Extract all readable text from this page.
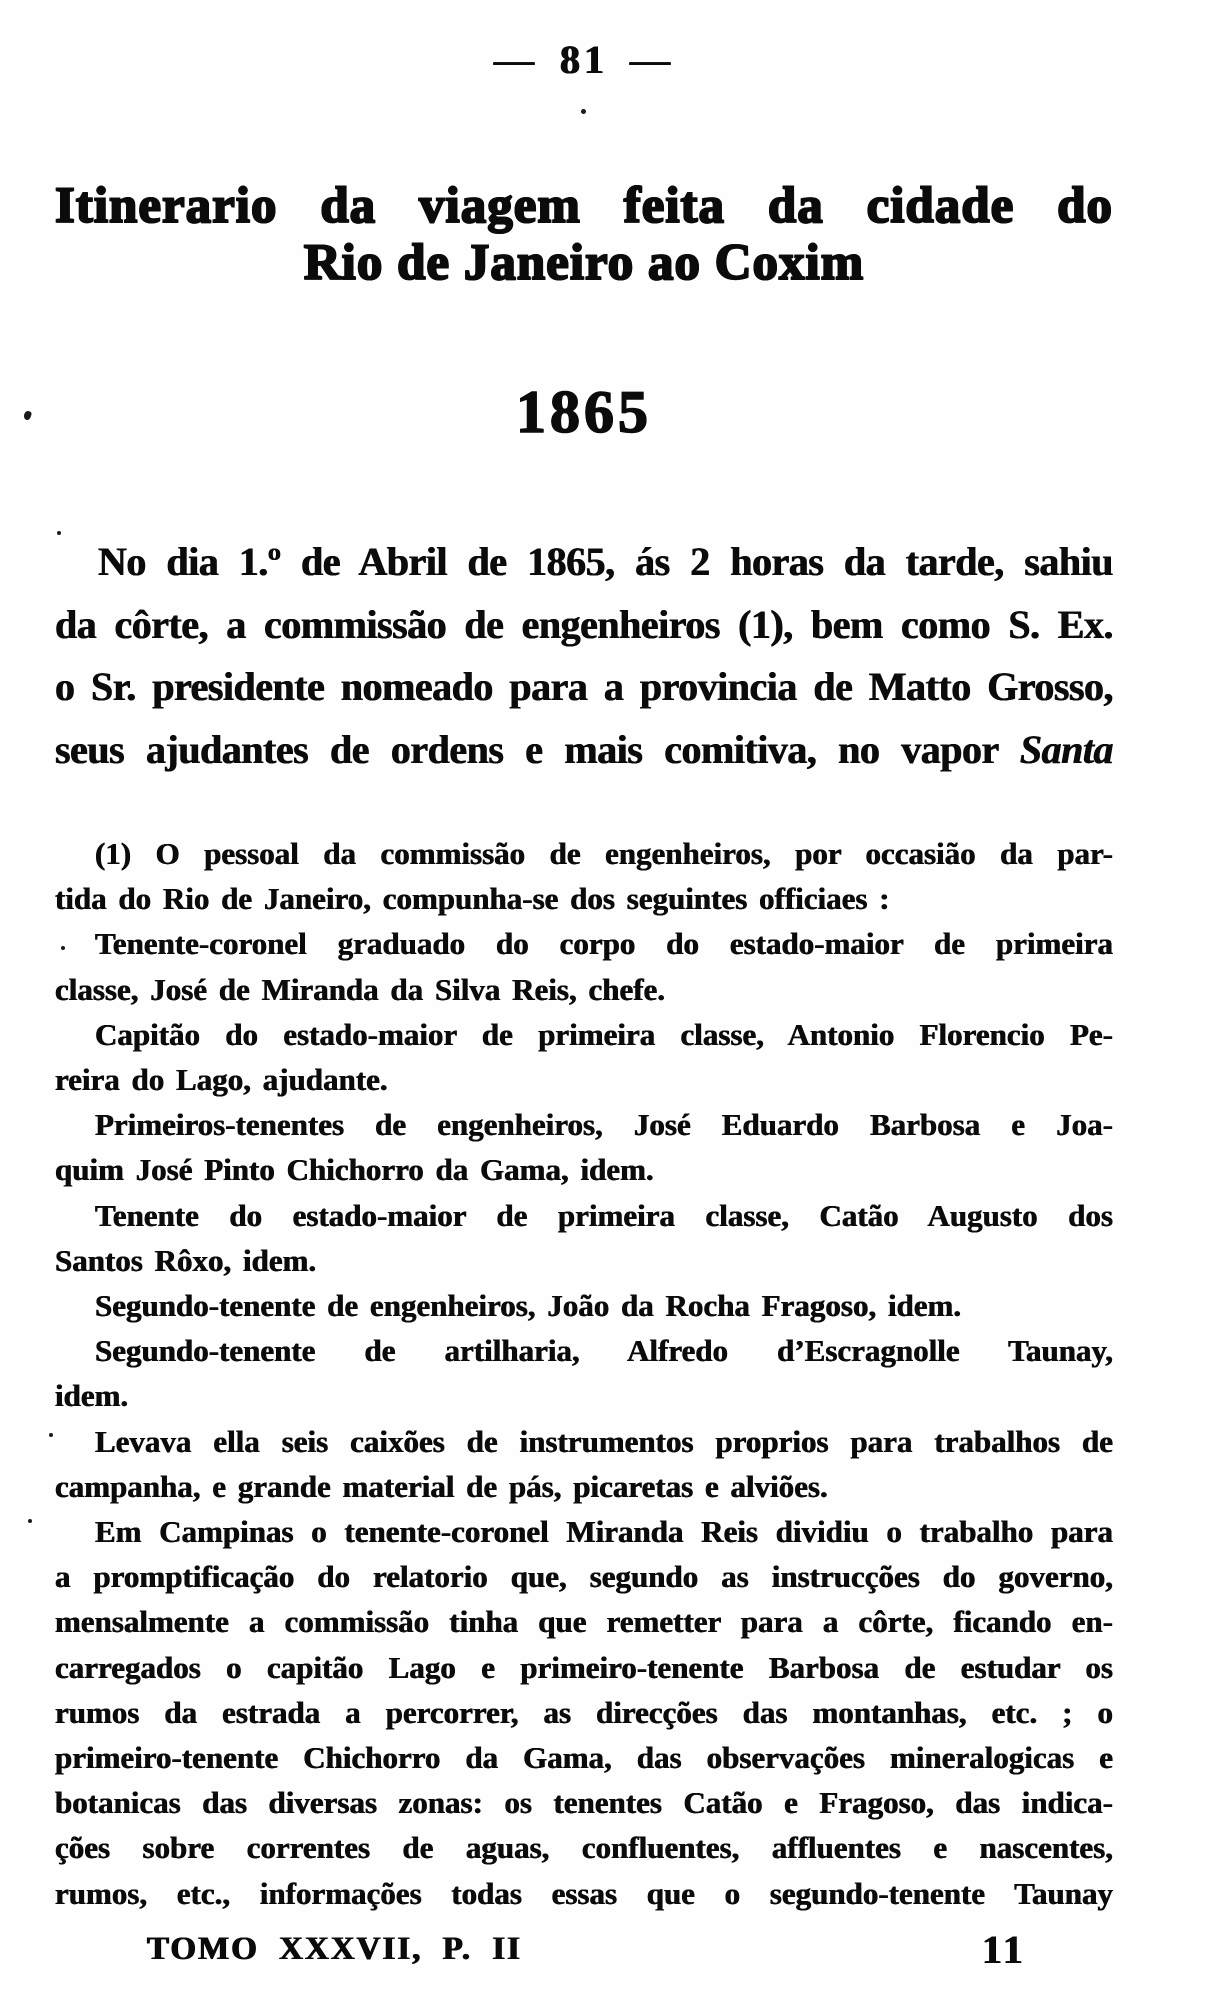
— 81 —
Itinerario da viagem feita da cidade do
Rio de Janeiro ao Coxim
1865
No dia 1.º de Abril de 1865, ás 2 horas da tarde, sahiu
da côrte, a commissão de engenheiros (1), bem como S. Ex.
o Sr. presidente nomeado para a provincia de Matto Grosso,
seus ajudantes de ordens e mais comitiva, no vapor Santa
(1) O pessoal da commissão de engenheiros, por occasião da par-
tida do Rio de Janeiro, compunha-se dos seguintes officiaes :
Tenente-coronel graduado do corpo do estado-maior de primeira
classe, José de Miranda da Silva Reis, chefe.
Capitão do estado-maior de primeira classe, Antonio Florencio Pe-
reira do Lago, ajudante.
Primeiros-tenentes de engenheiros, José Eduardo Barbosa e Joa-
quim José Pinto Chichorro da Gama, idem.
Tenente do estado-maior de primeira classe, Catão Augusto dos
Santos Rôxo, idem.
Segundo-tenente de engenheiros, João da Rocha Fragoso, idem.
Segundo-tenente de artilharia, Alfredo d’Escragnolle Taunay,
idem.
Levava ella seis caixões de instrumentos proprios para trabalhos de
campanha, e grande material de pás, picaretas e alviões.
Em Campinas o tenente-coronel Miranda Reis dividiu o trabalho para
a promptificação do relatorio que, segundo as instrucções do governo,
mensalmente a commissão tinha que remetter para a côrte, ficando en-
carregados o capitão Lago e primeiro-tenente Barbosa de estudar os
rumos da estrada a percorrer, as direcções das montanhas, etc. ; o
primeiro-tenente Chichorro da Gama, das observações mineralogicas e
botanicas das diversas zonas: os tenentes Catão e Fragoso, das indica-
ções sobre correntes de aguas, confluentes, affluentes e nascentes,
rumos, etc., informações todas essas que o segundo-tenente Taunay
TOMO XXXVII, P. II	11
